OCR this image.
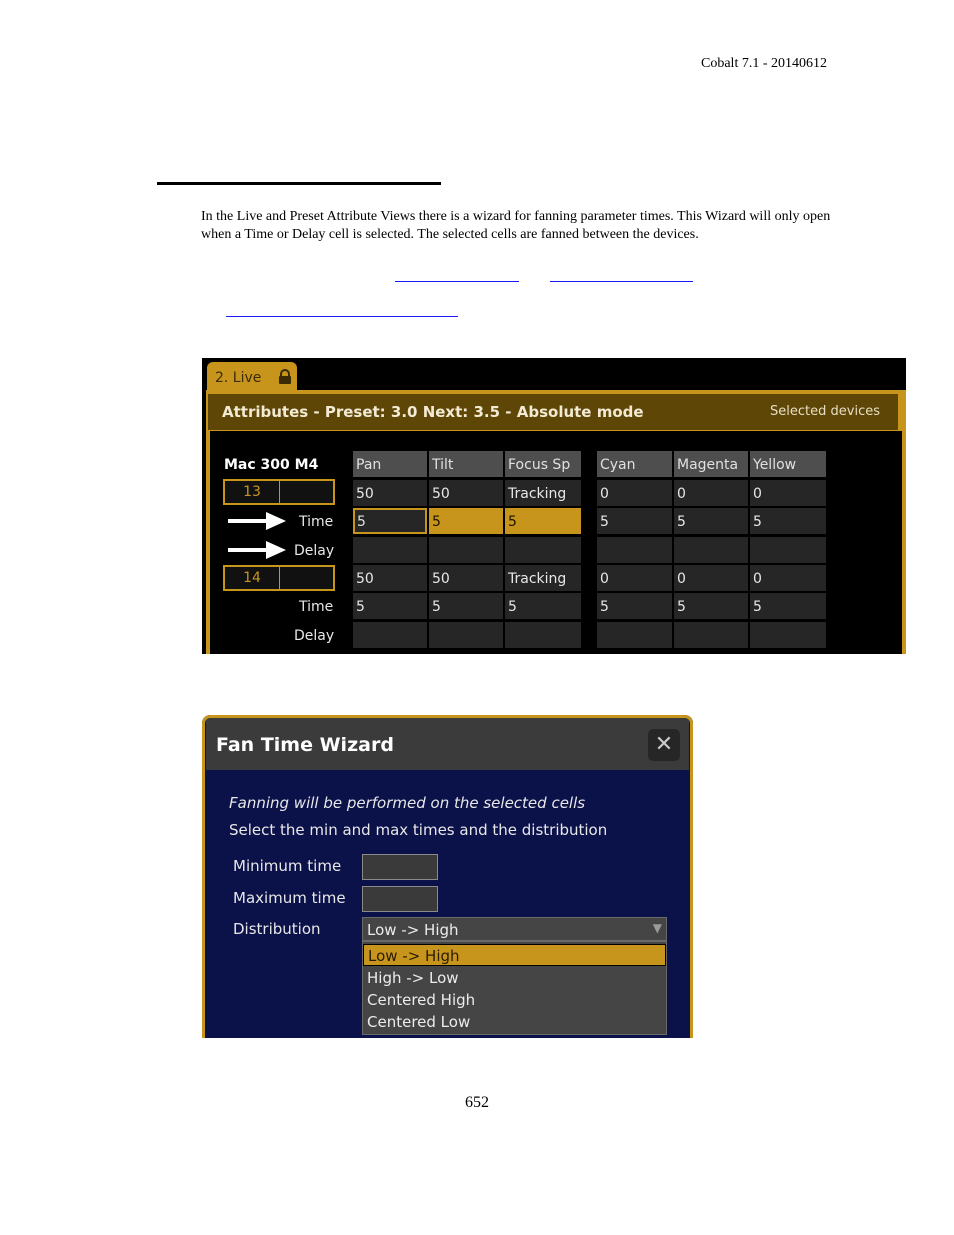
Cobalt 7.1 - 20140612
In the Live and Preset Attribute Views there is a wizard for fanning parameter times. This Wizard will only open when a Time or Delay cell is selected. The selected cells are fanned between the devices.
2. Live
Attributes - Preset: 3.0 Next: 3.5 - Absolute mode	Selected devices
Mac 300 M4	Pan	Tilt	Focus Sp	Cyan	Magenta	Yellow
13	50	50	Tracking	0	0	0
Time 5	5	5	5	5	5
Delay
14	50	50	Tracking	0	0	0
Time 5	5	5	5	5	5
Delay
Fan Time Wizard	✕
Fanning will be performed on the selected cells
Select the min and max times and the distribution
Minimum time
Maximum time
Distribution	Low -> High	▼
Low -> High
High -> Low
Centered High
Centered Low
652
